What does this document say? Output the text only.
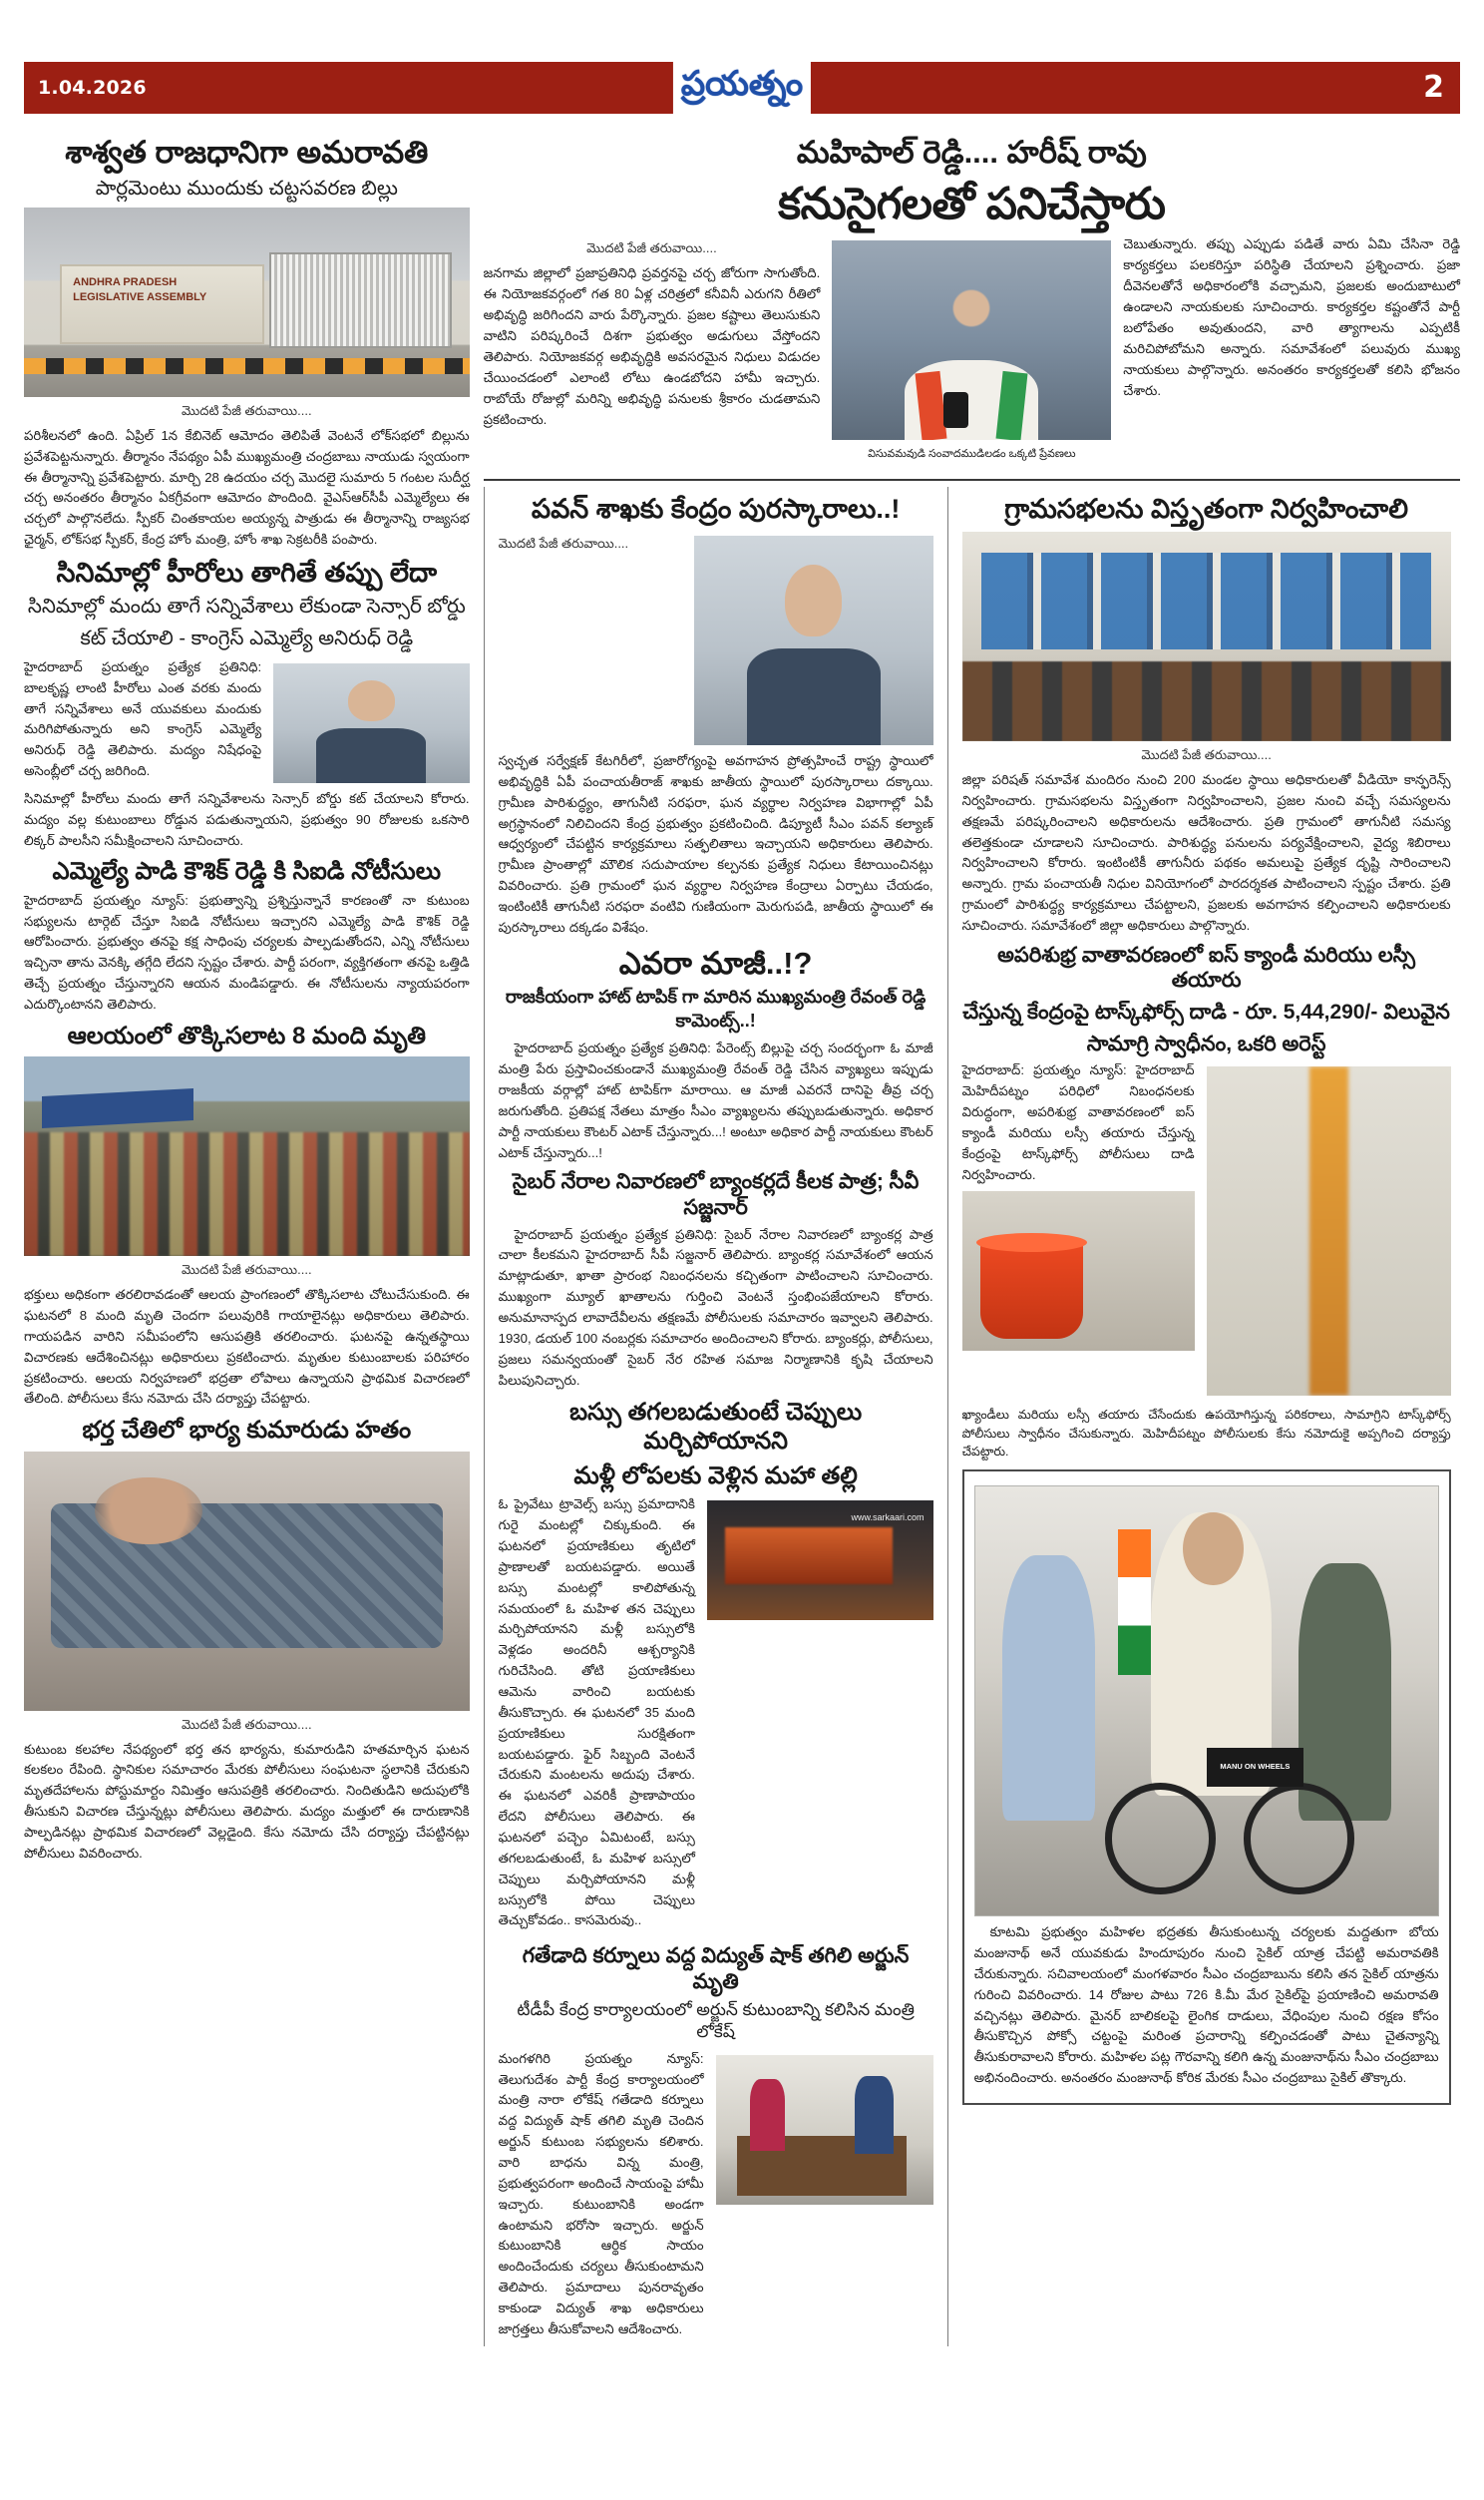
1.04.2026	ప్రయత్నం	2
శాశ్వత రాజధానిగా అమరావతి
పార్లమెంటు ముందుకు చట్టసవరణ బిల్లు
ANDHRA PRADESH LEGISLATIVE ASSEMBLY
మొదటి పేజీ తరువాయి....

పరిశీలనలో ఉంది. ఏప్రిల్ 1న కేబినెట్ ఆమోదం తెలిపితే వెంటనే లోక్‌సభలో బిల్లును ప్రవేశపెట్టనున్నారు. తీర్మానం నేపథ్యం ఏపీ ముఖ్యమంత్రి చంద్రబాబు నాయుడు స్వయంగా ఈ తీర్మానాన్ని ప్రవేశపెట్టారు. మార్చి 28 ఉదయం చర్చ మొదలై సుమారు 5 గంటల సుదీర్ఘ చర్చ అనంతరం తీర్మానం ఏకగ్రీవంగా ఆమోదం పొందింది. వైఎస్ఆర్‌సీపీ ఎమ్మెల్యేలు ఈ చర్చలో పాల్గొనలేదు. స్పీకర్ చింతకాయల అయ్యన్న పాత్రుడు ఈ తీర్మానాన్ని రాజ్యసభ ఛైర్మన్, లోక్‌సభ స్పీకర్, కేంద్ర హోం మంత్రి, హోం శాఖ సెక్రటరీకి పంపారు.

సినిమాల్లో హీరోలు తాగితే తప్పు లేదా
సినిమాల్లో మందు తాగే సన్నివేశాలు లేకుండా సెన్సార్ బోర్డు
కట్ చేయాలి - కాంగ్రెస్ ఎమ్మెల్యే అనిరుధ్ రెడ్డి

హైదరాబాద్ ప్రయత్నం ప్రత్యేక ప్రతినిధి: బాలకృష్ణ లాంటి హీరోలు ఎంత వరకు మందు తాగే సన్నివేశాలు అనే యువకులు మందుకు మరిగిపోతున్నారు అని కాంగ్రెస్ ఎమ్మెల్యే అనిరుధ్ రెడ్డి తెలిపారు. మద్యం నిషేధంపై అసెంబ్లీలో చర్చ జరిగింది.

సినిమాల్లో హీరోలు మందు తాగే సన్నివేశాలను సెన్సార్ బోర్డు కట్ చేయాలని కోరారు. మద్యం వల్ల కుటుంబాలు రోడ్డున పడుతున్నాయని, ప్రభుత్వం 90 రోజులకు ఒకసారి లిక్కర్ పాలసీని సమీక్షించాలని సూచించారు.

ఎమ్మెల్యే పాడి కౌశిక్ రెడ్డి కి సిఐడి నోటీసులు

హైదరాబాద్ ప్రయత్నం న్యూస్: ప్రభుత్వాన్ని ప్రశ్నిస్తున్నానే కారణంతో నా కుటుంబ సభ్యులను టార్గెట్ చేస్తూ సిఐడి నోటీసులు ఇచ్చారని ఎమ్మెల్యే పాడి కౌశిక్ రెడ్డి ఆరోపించారు. ప్రభుత్వం తనపై కక్ష సాధింపు చర్యలకు పాల్పడుతోందని, ఎన్ని నోటీసులు ఇచ్చినా తాను వెనక్కి తగ్గేది లేదని స్పష్టం చేశారు. పార్టీ పరంగా, వ్యక్తిగతంగా తనపై ఒత్తిడి తెచ్చే ప్రయత్నం చేస్తున్నారని ఆయన మండిపడ్డారు. ఈ నోటీసులను న్యాయపరంగా ఎదుర్కొంటానని తెలిపారు.

ఆలయంలో తొక్కిసలాట 8 మంది మృతి
మొదటి పేజీ తరువాయి....

భక్తులు అధికంగా తరలిరావడంతో ఆలయ ప్రాంగణంలో తొక్కిసలాట చోటుచేసుకుంది. ఈ ఘటనలో 8 మంది మృతి చెందగా పలువురికి గాయాలైనట్లు అధికారులు తెలిపారు. గాయపడిన వారిని సమీపంలోని ఆసుపత్రికి తరలించారు. ఘటనపై ఉన్నతస్థాయి విచారణకు ఆదేశించినట్లు అధికారులు ప్రకటించారు. మృతుల కుటుంబాలకు పరిహారం ప్రకటించారు. ఆలయ నిర్వహణలో భద్రతా లోపాలు ఉన్నాయని ప్రాథమిక విచారణలో తేలింది. పోలీసులు కేసు నమోదు చేసి దర్యాప్తు చేపట్టారు.

భర్త చేతిలో భార్య కుమారుడు హతం
మొదటి పేజీ తరువాయి....

కుటుంబ కలహాల నేపథ్యంలో భర్త తన భార్యను, కుమారుడిని హతమార్చిన ఘటన కలకలం రేపింది. స్థానికుల సమాచారం మేరకు పోలీసులు సంఘటనా స్థలానికి చేరుకుని మృతదేహాలను పోస్టుమార్టం నిమిత్తం ఆసుపత్రికి తరలించారు. నిందితుడిని అదుపులోకి తీసుకుని విచారణ చేస్తున్నట్లు పోలీసులు తెలిపారు. మద్యం మత్తులో ఈ దారుణానికి పాల్పడినట్లు ప్రాథమిక విచారణలో వెల్లడైంది. కేసు నమోదు చేసి దర్యాప్తు చేపట్టినట్లు పోలీసులు వివరించారు.

మహిపాల్ రెడ్డి.... హరీష్ రావు
కనుసైగలతో పనిచేస్తారు
మొదటి పేజీ తరువాయి....

జనగామ జిల్లాలో ప్రజాప్రతినిధి ప్రవర్తనపై చర్చ జోరుగా సాగుతోంది. ఈ నియోజకవర్గంలో గత 80 ఏళ్ల చరిత్రలో కనీవినీ ఎరుగని రీతిలో అభివృద్ధి జరిగిందని వారు పేర్కొన్నారు. ప్రజల కష్టాలు తెలుసుకుని వాటిని పరిష్కరించే దిశగా ప్రభుత్వం అడుగులు వేస్తోందని తెలిపారు. నియోజకవర్గ అభివృద్ధికి అవసరమైన నిధులు విడుదల చేయించడంలో ఎలాంటి లోటు ఉండబోదని హామీ ఇచ్చారు. రాబోయే రోజుల్లో మరిన్ని అభివృద్ధి పనులకు శ్రీకారం చుడతామని ప్రకటించారు.

విసువమవుడి సంవాదముడిలడం ఒక్కటి ప్రేవణలు

చెబుతున్నారు. తప్పు ఎప్పుడు పడితే వారు ఏమి చేసినా రెడ్డి కార్యకర్తలు పలకరిస్తూ పరిస్థితి చేయాలని ప్రశ్నించారు. ప్రజా దీవెనలతోనే అధికారంలోకి వచ్చామని, ప్రజలకు అందుబాటులో ఉండాలని నాయకులకు సూచించారు. కార్యకర్తల కష్టంతోనే పార్టీ బలోపేతం అవుతుందని, వారి త్యాగాలను ఎప్పటికీ మరిచిపోబోమని అన్నారు. సమావేశంలో పలువురు ముఖ్య నాయకులు పాల్గొన్నారు. అనంతరం కార్యకర్తలతో కలిసి భోజనం చేశారు.

పవన్ శాఖకు కేంద్రం పురస్కారాలు..!
మొదటి పేజీ తరువాయి....

స్వచ్ఛత సర్వేక్షణ్ కేటగిరీలో, ప్రజారోగ్యంపై అవగాహన ప్రోత్సహించే రాష్ట్ర స్థాయిలో అభివృద్ధికి ఏపీ పంచాయతీరాజ్ శాఖకు జాతీయ స్థాయిలో పురస్కారాలు దక్కాయి. గ్రామీణ పారిశుద్ధ్యం, తాగునీటి సరఫరా, ఘన వ్యర్థాల నిర్వహణ విభాగాల్లో ఏపీ అగ్రస్థానంలో నిలిచిందని కేంద్ర ప్రభుత్వం ప్రకటించింది. డిప్యూటీ సీఎం పవన్ కల్యాణ్ ఆధ్వర్యంలో చేపట్టిన కార్యక్రమాలు సత్ఫలితాలు ఇచ్చాయని అధికారులు తెలిపారు. గ్రామీణ ప్రాంతాల్లో మౌలిక సదుపాయాల కల్పనకు ప్రత్యేక నిధులు కేటాయించినట్లు వివరించారు. ప్రతి గ్రామంలో ఘన వ్యర్థాల నిర్వహణ కేంద్రాలు ఏర్పాటు చేయడం, ఇంటింటికీ తాగునీటి సరఫరా వంటివి గుణియంగా మెరుగుపడి, జాతీయ స్థాయిలో ఈ పురస్కారాలు దక్కడం విశేషం.

ఎవరా మాజీ..!?
రాజకీయంగా హాట్ టాపిక్ గా మారిన ముఖ్యమంత్రి రేవంత్ రెడ్డి కామెంట్స్..!

హైదరాబాద్ ప్రయత్నం ప్రత్యేక ప్రతినిధి: పేరెంట్స్ బిల్లుపై చర్చ సందర్భంగా ఓ మాజీ మంత్రి పేరు ప్రస్తావించకుండానే ముఖ్యమంత్రి రేవంత్ రెడ్డి చేసిన వ్యాఖ్యలు ఇప్పుడు రాజకీయ వర్గాల్లో హాట్ టాపిక్‌గా మారాయి. ఆ మాజీ ఎవరనే దానిపై తీవ్ర చర్చ జరుగుతోంది. ప్రతిపక్ష నేతలు మాత్రం సీఎం వ్యాఖ్యలను తప్పుబడుతున్నారు. అధికార పార్టీ నాయకులు కౌంటర్ ఎటాక్ చేస్తున్నారు...! అంటూ అధికార పార్టీ నాయకులు కౌంటర్ ఎటాక్ చేస్తున్నారు...!

సైబర్ నేరాల నివారణలో బ్యాంకర్లదే కీలక పాత్ర; సీవీ సజ్జనార్

హైదరాబాద్ ప్రయత్నం ప్రత్యేక ప్రతినిధి: సైబర్ నేరాల నివారణలో బ్యాంకర్ల పాత్ర చాలా కీలకమని హైదరాబాద్ సీపీ సజ్జనార్ తెలిపారు. బ్యాంకర్ల సమావేశంలో ఆయన మాట్లాడుతూ, ఖాతా ప్రారంభ నిబంధనలను కచ్చితంగా పాటించాలని సూచించారు. ముఖ్యంగా మ్యూల్ ఖాతాలను గుర్తించి వెంటనే స్తంభింపజేయాలని కోరారు. అనుమానాస్పద లావాదేవీలను తక్షణమే పోలీసులకు సమాచారం ఇవ్వాలని తెలిపారు. 1930, డయల్ 100 నంబర్లకు సమాచారం అందించాలని కోరారు. బ్యాంకర్లు, పోలీసులు, ప్రజలు సమన్వయంతో సైబర్ నేర రహిత సమాజ నిర్మాణానికి కృషి చేయాలని పిలుపునిచ్చారు.

బస్సు తగలబడుతుంటే చెప్పులు మర్చిపోయానని
మళ్లీ లోపలకు వెళ్లిన మహా తల్లి

ఓ ప్రైవేటు ట్రావెల్స్ బస్సు ప్రమాదానికి గురై మంటల్లో చిక్కుకుంది. ఈ ఘటనలో ప్రయాణికులు తృటిలో ప్రాణాలతో బయటపడ్డారు. అయితే బస్సు మంటల్లో కాలిపోతున్న సమయంలో ఓ మహిళ తన చెప్పులు మర్చిపోయానని మళ్లీ బస్సులోకి వెళ్లడం అందరినీ ఆశ్చర్యానికి గురిచేసింది. తోటి ప్రయాణికులు ఆమెను వారించి బయటకు తీసుకొచ్చారు. ఈ ఘటనలో 35 మంది ప్రయాణికులు సురక్షితంగా బయటపడ్డారు. ఫైర్ సిబ్బంది వెంటనే చేరుకుని మంటలను అదుపు చేశారు. ఈ ఘటనలో ఎవరికీ ప్రాణాపాయం లేదని పోలీసులు తెలిపారు. ఈ ఘటనలో పచ్చెం ఏమిటంటే, బస్సు తగలబడుతుంటే, ఓ మహిళ బస్సులో చెప్పులు మర్చిపోయానని మళ్లీ బస్సులోకి పోయి చెప్పులు తెచ్చుకోవడం.. కాసమెరువు..

www.sarkaari.com
గతేడాది కర్నూలు వద్ద విద్యుత్ షాక్ తగిలి అర్జున్ మృతి
టీడీపీ కేంద్ర కార్యాలయంలో అర్జున్ కుటుంబాన్ని కలిసిన మంత్రి లోకేష్

మంగళగిరి ప్రయత్నం న్యూస్: తెలుగుదేశం పార్టీ కేంద్ర కార్యాలయంలో మంత్రి నారా లోకేష్ గతేడాది కర్నూలు వద్ద విద్యుత్ షాక్ తగిలి మృతి చెందిన అర్జున్ కుటుంబ సభ్యులను కలిశారు. వారి బాధను విన్న మంత్రి, ప్రభుత్వపరంగా అందించే సాయంపై హామీ ఇచ్చారు. కుటుంబానికి అండగా ఉంటామని భరోసా ఇచ్చారు. అర్జున్ కుటుంబానికి ఆర్థిక సాయం అందించేందుకు చర్యలు తీసుకుంటామని తెలిపారు. ప్రమాదాలు పునరావృతం కాకుండా విద్యుత్ శాఖ అధికారులు జాగ్రత్తలు తీసుకోవాలని ఆదేశించారు.

గ్రామసభలను విస్తృతంగా నిర్వహించాలి
మొదటి పేజీ తరువాయి....

జిల్లా పరిషత్ సమావేశ మందిరం నుంచి 200 మండల స్థాయి అధికారులతో వీడియో కాన్ఫరెన్స్ నిర్వహించారు. గ్రామసభలను విస్తృతంగా నిర్వహించాలని, ప్రజల నుంచి వచ్చే సమస్యలను తక్షణమే పరిష్కరించాలని అధికారులను ఆదేశించారు. ప్రతి గ్రామంలో తాగునీటి సమస్య తలెత్తకుండా చూడాలని సూచించారు. పారిశుద్ధ్య పనులను పర్యవేక్షించాలని, వైద్య శిబిరాలు నిర్వహించాలని కోరారు. ఇంటింటికీ తాగునీరు పథకం అమలుపై ప్రత్యేక దృష్టి సారించాలని అన్నారు. గ్రామ పంచాయతీ నిధుల వినియోగంలో పారదర్శకత పాటించాలని స్పష్టం చేశారు. ప్రతి గ్రామంలో పారిశుద్ధ్య కార్యక్రమాలు చేపట్టాలని, ప్రజలకు అవగాహన కల్పించాలని అధికారులకు సూచించారు. సమావేశంలో జిల్లా అధికారులు పాల్గొన్నారు.

అపరిశుభ్ర వాతావరణంలో ఐస్ క్యాండీ మరియు లస్సీ తయారు
చేస్తున్న కేంద్రంపై టాస్క్‌ఫోర్స్ దాడి - రూ. 5,44,290/- విలువైన
సామాగ్రి స్వాధీనం, ఒకరి అరెస్ట్

హైదరాబాద్: ప్రయత్నం న్యూస్: హైదరాబాద్ మెహిదీపట్నం పరిధిలో నిబంధనలకు విరుద్ధంగా, అపరిశుభ్ర వాతావరణంలో ఐస్ క్యాండీ మరియు లస్సీ తయారు చేస్తున్న కేంద్రంపై టాస్క్‌ఫోర్స్ పోలీసులు దాడి నిర్వహించారు.

ఖ్యాండీలు మరియు లస్సీ తయారు చేసేందుకు ఉపయోగిస్తున్న పరికరాలు, సామాగ్రిని టాస్క్‌ఫోర్స్ పోలీసులు స్వాధీనం చేసుకున్నారు. మెహిదీపట్నం పోలీసులకు కేసు నమోదుకై అప్పగించి దర్యాప్తు చేపట్టారు.

MANU ON WHEELS

కూటమి ప్రభుత్వం మహిళల భద్రతకు తీసుకుంటున్న చర్యలకు మద్దతుగా బోయ మంజునాథ్ అనే యువకుడు హిందూపురం నుంచి సైకిల్ యాత్ర చేపట్టి అమరావతికి చేరుకున్నారు. సచివాలయంలో మంగళవారం సీఎం చంద్రబాబును కలిసి తన సైకిల్ యాత్రను గురించి వివరించారు. 14 రోజుల పాటు 726 కి.మీ మేర సైకిల్‌పై ప్రయాణించి అమరావతి వచ్చినట్లు తెలిపారు. మైనర్ బాలికలపై లైంగిక దాడులు, వేధింపుల నుంచి రక్షణ కోసం తీసుకొచ్చిన పోక్సో చట్టంపై మరింత ప్రచారాన్ని కల్పించడంతో పాటు చైతన్యాన్ని తీసుకురావాలని కోరారు. మహిళల పట్ల గౌరవాన్ని కలిగి ఉన్న మంజునాథ్‌ను సీఎం చంద్రబాబు అభినందించారు. అనంతరం మంజునాథ్ కోరిక మేరకు సీఎం చంద్రబాబు సైకిల్ తొక్కారు.
